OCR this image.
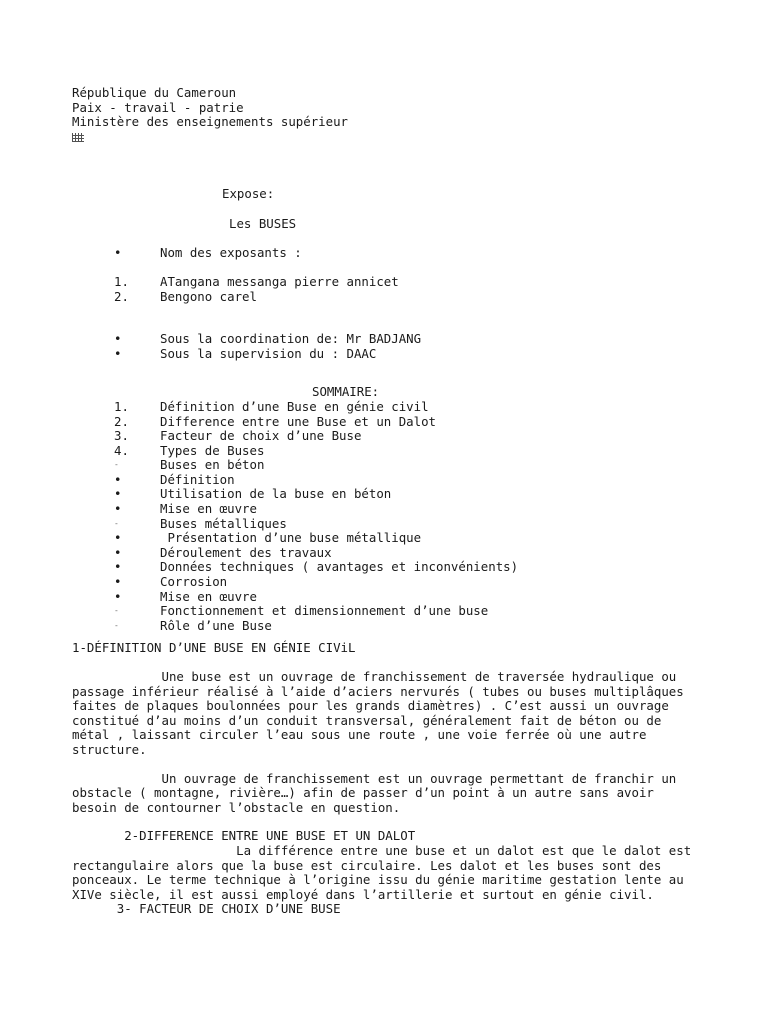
République du Cameroun
Paix - travail - patrie
Ministère des enseignements supérieur
Expose:
Les BUSES

•

	Nom des exposants :

1.	ATangana messanga pierre annicet
2.	Bengono carel
•	Sous la coordination de: Mr BADJANG
•	Sous la supervision du : DAAC
SOMMAIRE:
1.	Définition d’une Buse en génie civil
2.	Difference entre une Buse et un Dalot
3.	Facteur de choix d’une Buse
4.	Types de Buses
-	Buses en béton
•	Définition
•	Utilisation de la buse en béton
•	Mise en œuvre
-	Buses métalliques
•	Présentation d’une buse métallique
•	Déroulement des travaux
•	Données techniques ( avantages et inconvénients)
•	Corrosion
•	Mise en œuvre
-	Fonctionnement et dimensionnement d’une buse
-	Rôle d’une Buse
1-DÉFINITION D’UNE BUSE EN GÉNIE CIViL
Une buse est un ouvrage de franchissement de traversée hydraulique ou
passage inférieur réalisé à l’aide d’aciers nervurés ( tubes ou buses multiplâques
faites de plaques boulonnées pour les grands diamètres) . C’est aussi un ouvrage
constitué d’au moins d’un conduit transversal, généralement fait de béton ou de
métal , laissant circuler l’eau sous une route , une voie ferrée où une autre
structure.
Un ouvrage de franchissement est un ouvrage permettant de franchir un
obstacle ( montagne, rivière…) afin de passer d’un point à un autre sans avoir
besoin de contourner l’obstacle en question.
2-DIFFERENCE ENTRE UNE BUSE ET UN DALOT
La différence entre une buse et un dalot est que le dalot est
rectangulaire alors que la buse est circulaire. Les dalot et les buses sont des
ponceaux. Le terme technique à l’origine issu du génie maritime gestation lente au
XIVe siècle, il est aussi employé dans l’artillerie et surtout en génie civil.
3- FACTEUR DE CHOIX D’UNE BUSE
